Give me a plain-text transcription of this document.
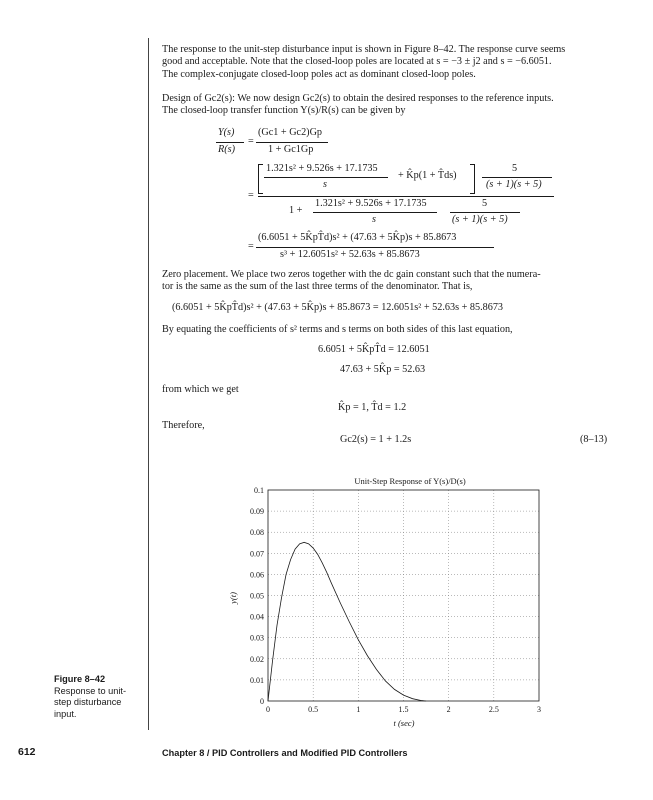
The response to the unit-step disturbance input is shown in Figure 8–42. The response curve seems
good and acceptable. Note that the closed-loop poles are located at s = −3 ± j2 and s = −6.6051.
The complex-conjugate closed-loop poles act as dominant closed-loop poles.
Design of Gc2(s): We now design Gc2(s) to obtain the desired responses to the reference inputs.
The closed-loop transfer function Y(s)/R(s) can be given by
Y(s)
R(s)
=
(Gc1 + Gc2)Gp
1 + Gc1Gp
=
1.321s² + 9.526s + 17.1735
s
+ K̂p(1 + T̂ds)
5
(s + 1)(s + 5)
1 +
1.321s² + 9.526s + 17.1735
s
5
(s + 1)(s + 5)
=
(6.6051 + 5K̂pT̂d)s² + (47.63 + 5K̂p)s + 85.8673
s³ + 12.6051s² + 52.63s + 85.8673
Zero placement. We place two zeros together with the dc gain constant such that the numera-
tor is the same as the sum of the last three terms of the denominator. That is,
(6.6051 + 5K̂pT̂d)s² + (47.63 + 5K̂p)s + 85.8673 = 12.6051s² + 52.63s + 85.8673
By equating the coefficients of s² terms and s terms on both sides of this last equation,
6.6051 + 5K̂pT̂d = 12.6051
47.63 + 5K̂p = 52.63
from which we get
K̂p = 1, T̂d = 1.2
Therefore,
Gc2(s) = 1 + 1.2s	(8–13)
Unit-Step Response of Y(s)/D(s)
0	0.5	1	1.5	2	2.5	3
0
0.01
0.02
0.03
0.04
0.05
0.06
0.07
0.08
0.09
0.1
y(t)
t (sec)
Figure 8–42
Response to unit-
step disturbance
input.
612	Chapter 8 / PID Controllers and Modified PID Controllers
